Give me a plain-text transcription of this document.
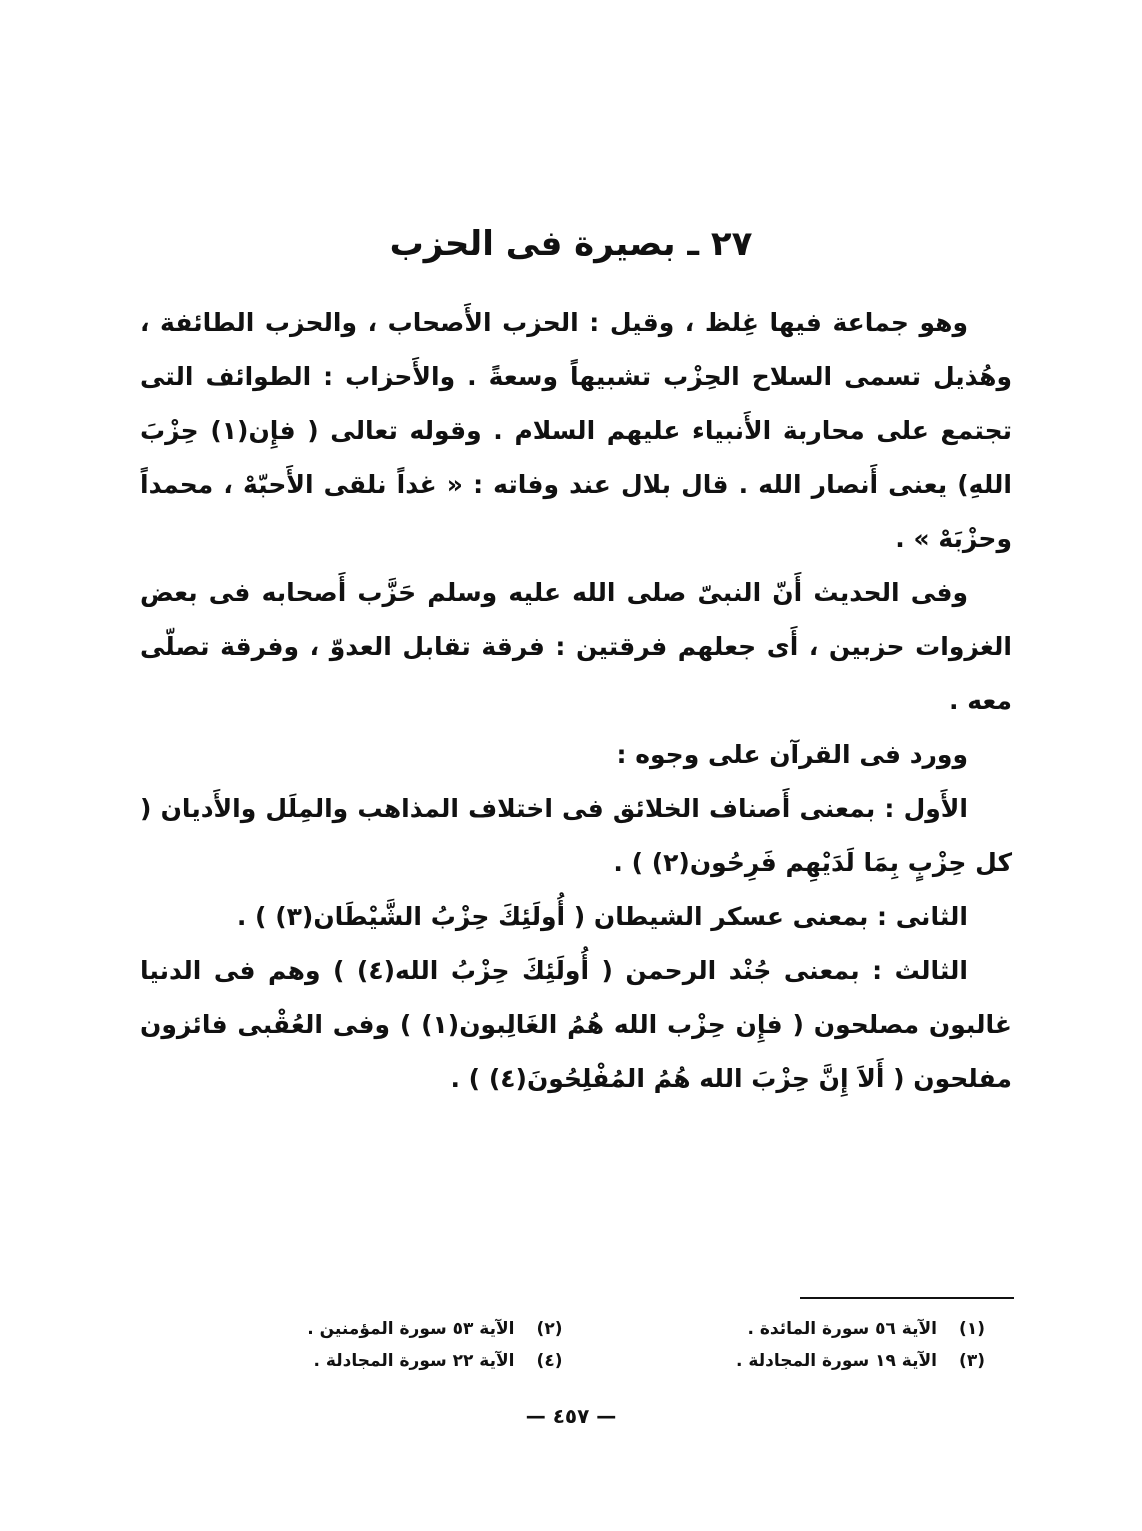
٢٧ ـ بصيرة فى الحزب

وهو جماعة فيها غِلظ ، وقيل : الحزب الأَصحاب ، والحزب الطائفة ، وهُذيل تسمى السلاح الحِزْب تشبيهاً وسعةً . والأَحزاب : الطوائف التى تجتمع على محاربة الأَنبياء عليهم السلام . وقوله تعالى ( فإِن(١) حِزْبَ اللهِ) يعنى أَنصار الله . قال بلال عند وفاته : « غداً نلقى الأَحبّهْ ، محمداً وحزْبَهْ » .

وفى الحديث أَنّ النبىّ صلى الله عليه وسلم حَزَّب أَصحابه فى بعض الغزوات حزبين ، أَى جعلهم فرقتين : فرقة تقابل العدوّ ، وفرقة تصلّى معه .

وورد فى القرآن على وجوه :

الأَول : بمعنى أَصناف الخلائق فى اختلاف المذاهب والمِلَل والأَديان ( كل حِزْبٍ بِمَا لَدَيْهِم فَرِحُون(٢) ) .

الثانى : بمعنى عسكر الشيطان ( أُولَئِكَ حِزْبُ الشَّيْطَان(٣) ) .

الثالث : بمعنى جُنْد الرحمن ( أُولَئِكَ حِزْبُ الله(٤) ) وهم فى الدنيا غالبون مصلحون ( فإِن حِزْب الله هُمُ الغَالِبون(١) ) وفى العُقْبى فائزون مفلحون ( أَلاَ إِنَّ حِزْبَ الله هُمُ المُفْلِحُونَ(٤) ) .

(١)
الآية ٥٦ سورة المائدة .
(٢)
الآية ٥٣ سورة المؤمنين .
(٣)
الآية ١٩ سورة المجادلة .
(٤)
الآية ٢٢ سورة المجادلة .
— ٤٥٧ —
